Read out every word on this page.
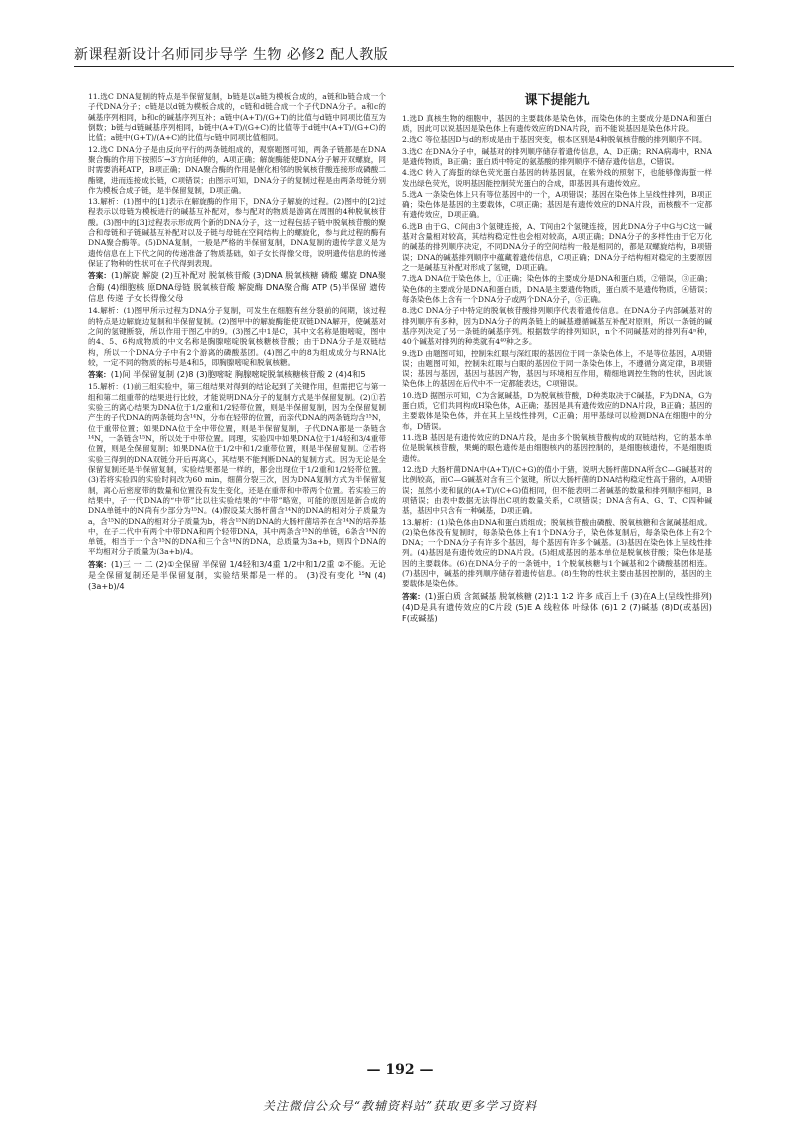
新课程新设计名师同步导学 生物 必修2 配人教版
11.选C DNA复制的特点是半保留复制，b链是以a链为模板合成的，a链和b链合成一个子代DNA分子；c链是以d链为模板合成的，c链和d链合成一个子代DNA分子。a和c的碱基序列相同，b和c的碱基序列互补；a链中(A+T)/(G+T)的比值与d链中同项比值互为倒数；b链与d链碱基序列相同，b链中(A+T)/(G+C)的比值等于d链中(A+T)/(G+C)的比值；a链中(G+T)/(A+C)的比值与c链中同项比值相同。
12.选C DNA分子是由反向平行的两条链组成的，观察题图可知，两条子链都是在DNA聚合酶的作用下按照5′→3′方向延伸的，A项正确；解旋酶能使DNA分子解开双螺旋，同时需要消耗ATP，B项正确；DNA聚合酶的作用是催化相邻的脱氧核苷酸连接形成磷酸二酯键，进而连接成长链，C项错误；由图示可知，DNA分子的复制过程是由两条母链分别作为模板合成子链，是半保留复制，D项正确。
13.解析：(1)图中的[1]表示在解旋酶的作用下，DNA分子解旋的过程。(2)图中的[2]过程表示以母链为模板进行的碱基互补配对，参与配对的物质是游离在周围的4种脱氧核苷酸。(3)图中的[3]过程表示形成两个新的DNA分子，这一过程包括子链中脱氧核苷酸的聚合和母链和子链碱基互补配对以及子链与母链在空间结构上的螺旋化，参与此过程的酶有DNA聚合酶等。(5)DNA复制，一般是严格的半保留复制，DNA复制的遗传学意义是为遗传信息在上下代之间的传递准备了物质基础，如子女长得像父母，说明遗传信息的传递保证了物种的性状可在子代得到表现。
答案：(1)解旋 解旋 (2)互补配对 脱氧核苷酸 (3)DNA 脱氧核糖 磷酸 螺旋 DNA聚合酶 (4)细胞核 原DNA母链 脱氧核苷酸 解旋酶 DNA聚合酶 ATP (5)半保留 遗传信息 传递 子女长得像父母
14.解析：(1)图甲所示过程为DNA分子复制，可发生在细胞有丝分裂前的间期，该过程的特点是边解旋边复制和半保留复制。(2)图甲中的解旋酶能使双链DNA解开，使碱基对之间的氢键断裂，所以作用于图乙中的9。(3)图乙中1是C，其中文名称是胞嘧啶，图中的4、5、6构成物质的中文名称是胸腺嘧啶脱氧核糖核苷酸；由于DNA分子是双链结构，所以一个DNA分子中有2个游离的磷酸基团。(4)图乙中的8为组成成分与RNA比较，一定不同的物质的标号是4和5，即胸腺嘧啶和脱氧核糖。
答案：(1)间 半保留复制 (2)8 (3)胞嘧啶 胸腺嘧啶脱氧核糖核苷酸 2 (4)4和5
15.解析：(1)前三组实验中，第三组结果对得到的结论起到了关键作用，但需把它与第一组和第二组重带的结果进行比较，才能说明DNA分子的复制方式是半保留复制。(2)①若实验三的离心结果为DNA位于1/2重和1/2轻带位置，则是半保留复制，因为全保留复制产生的子代DNA的两条链均含¹⁴N，分布在轻带的位置，而亲代DNA的两条链均含¹⁵N，位于重带位置；如果DNA位于全中带位置，则是半保留复制，子代DNA都是一条链含¹⁴N，一条链含¹⁵N，所以处于中带位置。同理，实验四中如果DNA位于1/4轻和3/4重带位置，则是全保留复制；如果DNA位于1/2中和1/2重带位置，则是半保留复制。②若将实验三得到的DNA双链分开后再离心，其结果不能判断DNA的复制方式。因为无论是全保留复制还是半保留复制，实验结果都是一样的，都会出现位于1/2重和1/2轻带位置。(3)若将实验四的实验时间改为60 min，细菌分裂三次，因为DNA复制方式为半保留复制，离心后密度带的数量和位置没有发生变化，还是在重带和中带两个位置。若实验三的结果中，子一代DNA的“中带”比以往实验结果的“中带”略宽，可能的原因是新合成的DNA单链中的N尚有少部分为¹⁵N。(4)假设某大肠杆菌含¹⁴N的DNA的相对分子质量为a，含¹⁵N的DNA的相对分子质量为b，将含¹⁵N的DNA的大肠杆菌培养在含¹⁴N的培养基中，在子二代中有两个中带DNA和两个轻带DNA，其中两条含¹⁵N的单链，6条含¹⁴N的单链，相当于一个含¹⁵N的DNA和三个含¹⁴N的DNA，总质量为3a+b，则四个DNA的平均相对分子质量为(3a+b)/4。
答案：(1)三 一 二 (2)①全保留 半保留 1/4轻和3/4重 1/2中和1/2重 ②不能。无论是全保留复制还是半保留复制，实验结果都是一样的。 (3)没有变化 ¹⁵N (4)(3a+b)/4
课下提能九
1.选D 真核生物的细胞中，基因的主要载体是染色体，而染色体的主要成分是DNA和蛋白质，因此可以说基因是染色体上有遗传效应的DNA片段，而不能说基因是染色体片段。
2.选C 等位基因D与d的形成是由于基因突变，根本区别是4种脱氧核苷酸的排列顺序不同。
3.选C 在DNA分子中，碱基对的排列顺序储存着遗传信息，A、D正确；RNA病毒中，RNA是遗传物质，B正确；蛋白质中特定的氨基酸的排列顺序不储存遗传信息，C错误。
4.选C 转入了海蜇的绿色荧光蛋白基因的转基因鼠，在紫外线的照射下，也能够像海蜇一样发出绿色荧光，说明基因能控制荧光蛋白的合成，即基因具有遗传效应。
5.选A 一条染色体上只有等位基因中的一个，A项错误；基因在染色体上呈线性排列，B项正确；染色体是基因的主要载体，C项正确；基因是有遗传效应的DNA片段，而核酸不一定都有遗传效应，D项正确。
6.选B 由于G、C间由3个氢键连接，A、T间由2个氢键连接，因此DNA分子中G与C这一碱基对含量相对较高，其结构稳定性也会相对较高，A项正确；DNA分子的多样性由于它万化的碱基的排列顺序决定，不同DNA分子的空间结构一般是相同的，都是双螺旋结构，B项错误；DNA的碱基排列顺序中蕴藏着遗传信息，C项正确；DNA分子结构相对稳定的主要原因之一是碱基互补配对形成了氢键，D项正确。
7.选A DNA位于染色体上，①正确；染色体的主要成分是DNA和蛋白质，②错误，③正确；染色体的主要成分是DNA和蛋白质，DNA是主要遗传物质，蛋白质不是遗传物质，④错误；每条染色体上含有一个DNA分子或两个DNA分子，⑤正确。
8.选C DNA分子中特定的脱氧核苷酸排列顺序代表着遗传信息。在DNA分子内部碱基对的排列顺序有多种，因为DNA分子的两条链上的碱基遵循碱基互补配对原则，所以一条链的碱基序列决定了另一条链的碱基序列。根据数学的排列知识，n个不同碱基对的排列有4ⁿ种，40个碱基对排列的种类就有4⁴⁰种之多。
9.选D 由题图可知，控制朱红眼与深红眼的基因位于同一条染色体上，不是等位基因，A项错误；由题图可知，控制朱红眼与白眼的基因位于同一条染色体上，不遵循分离定律，B项错误；基因与基因，基因与基因产物，基因与环境相互作用，精细地调控生物的性状，因此该染色体上的基因在后代中不一定都能表达，C项错误。
10.选D 据图示可知，C为含氮碱基，D为脱氧核苷酸，D种类取决于C碱基，F为DNA，G为蛋白质，它们共同构成H染色体，A正确；基因是具有遗传效应的DNA片段，B正确；基因的主要载体是染色体，并在其上呈线性排列，C正确；用甲基绿可以检测DNA在细胞中的分布，D错误。
11.选B 基因是有遗传效应的DNA片段，是由多个脱氧核苷酸构成的双链结构，它的基本单位是脱氧核苷酸，果蝇的眼色遗传是由细胞核内的基因控制的，是细胞核遗传，不是细胞质遗传。
12.选D 大肠杆菌DNA中(A+T)/(C+G)的值小于猪，说明大肠杆菌DNA所含C—G碱基对的比例较高，而C—G碱基对含有三个氢键，所以大肠杆菌的DNA结构稳定性高于猪的，A项错误；虽然小麦和鼠的(A+T)/(C+G)值相同，但不能表明二者碱基的数量和排列顺序相同，B项错误；由表中数据无法得出C项的数量关系，C项错误；DNA含有A、G、T、C四种碱基，基因中只含有一种碱基，D项正确。
13.解析：(1)染色体由DNA和蛋白质组成；脱氧核苷酸由磷酸、脱氧核糖和含氮碱基组成。(2)染色体没有复制时，每条染色体上有1个DNA分子，染色体复制后，每条染色体上有2个DNA；一个DNA分子有许多个基因，每个基因有许多个碱基。(3)基因在染色体上呈线性排列。(4)基因是有遗传效应的DNA片段。(5)组成基因的基本单位是脱氧核苷酸；染色体是基因的主要载体。(6)在DNA分子的一条链中，1个脱氧核糖与1个碱基和2个磷酸基团相连。(7)基因中，碱基的排列顺序储存着遗传信息。(8)生物的性状主要由基因控制的，基因的主要载体是染色体。
答案：(1)蛋白质 含氮碱基 脱氧核糖 (2)1∶1 1∶2 许多 成百上千 (3)在A上(呈线性排列) (4)D是具有遗传效应的C片段 (5)E A 线粒体 叶绿体 (6)1 2 (7)碱基 (8)D(或基因) F(或碱基)
— 192 —
关注微信公众号“教辅资料站”获取更多学习资料
